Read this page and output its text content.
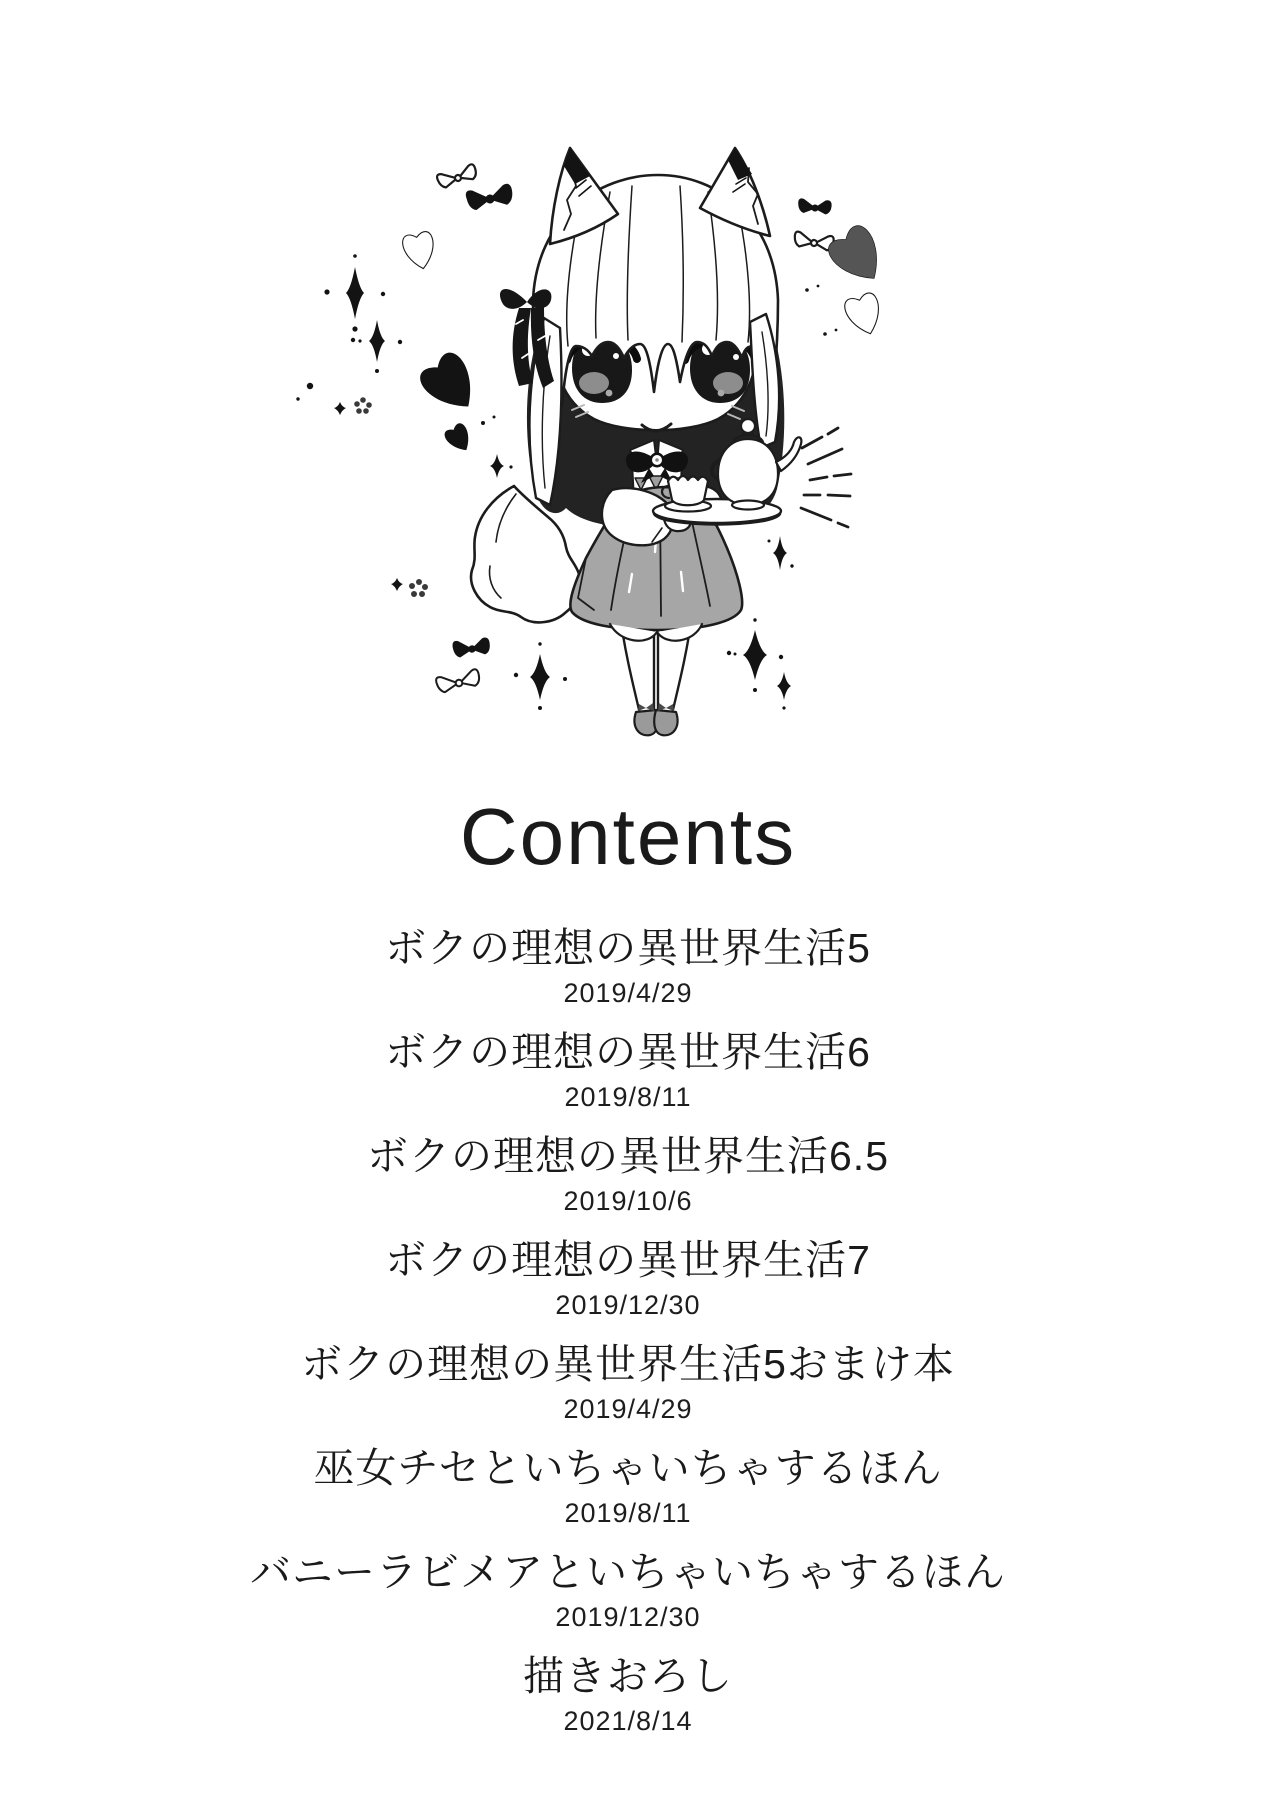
Contents
ボクの理想の異世界生活5
2019/4/29
ボクの理想の異世界生活6
2019/8/11
ボクの理想の異世界生活6.5
2019/10/6
ボクの理想の異世界生活7
2019/12/30
ボクの理想の異世界生活5おまけ本
2019/4/29
巫女チセといちゃいちゃするほん
2019/8/11
バニーラビメアといちゃいちゃするほん
2019/12/30
描きおろし
2021/8/14
